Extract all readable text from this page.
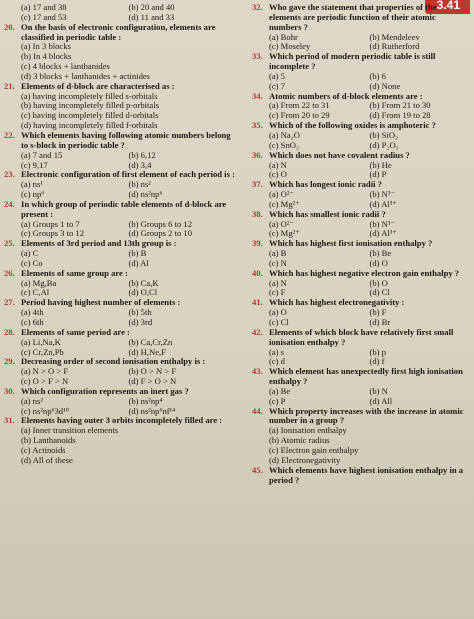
3.41
(a) 17 and 38	(b) 20 and 40
(c) 17 and 53	(d) 11 and 33
20. On the basis of electronic configuration, elements are classified in periodic table :
(a) In 3 blocks
(b) In 4 blocks
(c) 4 blocks + lanthanides
(d) 3 blocks + lanthanides + actinides
21. Elements of d-block are characterised as :
(a) having incompletely filled s-orbitals
(b) having incompletely filled p-orbitals
(c) having incompletely filled d-orbitals
(d) having incompletely filled f-orbitals
22. Which elements having following atomic numbers belong to s-block in periodic table ?
(a) 7 and 15	(b) 6,12
(c) 9,17	(d) 3,4
23. Electronic configuration of first element of each period is :
(a) ns¹	(b) ns²
(c) np⁶	(d) ns²np⁶
24. In which group of periodic table elements of d-block are present :
(a) Groups 1 to 7	(b) Groups 6 to 12
(c) Groups 3 to 12	(d) Groups 2 to 10
25. Elements of 3rd period and 13th group is :
(a) C	(b) B
(c) Co	(d) Al
26. Elements of same group are :
(a) Mg,Ba	(b) Ca,K
(c) C,Al	(d) O,Cl
27. Period having highest number of elements :
(a) 4th	(b) 5th
(c) 6th	(d) 3rd
28. Elements of same period are :
(a) Li,Na,K	(b) Ca,Cr,Zn
(c) Cr,Zn,Pb	(d) H,Ne,F
29. Decreasing order of second ionisation enthalpy is :
(a) N > O > F	(b) O > N > F
(c) O > F > N	(d) F > O > N
30. Which configuration represents an inert gas ?
(a) ns²	(b) ns²np⁴
(c) ns²np⁶3d¹⁰	(d) ns²np⁶nf¹⁴
31. Elements having outer 3 orbits incompletely filled are :
(a) Inner transition elements
(b) Lanthanoids
(c) Actinoids
(d) All of these
32. Who gave the statement that properties of the elements are periodic function of their atomic numbers ?
(a) Bohr	(b) Mendeleev
(c) Moseley	(d) Rutherford
33. Which period of modern periodic table is still incomplete ?
(a) 5	(b) 6
(c) 7	(d) None
34. Atomic numbers of d-block elements are :
(a) From 22 to 31	(b) From 21 to 30
(c) From 20 to 29	(d) From 19 to 28
35. Which of the following oxides is amphoteric ?
(a) Na₂O	(b) SiO₂
(c) SnO₂	(d) P₂O₅
36. Which does not have covalent radius ?
(a) N	(b) He
(c) O	(d) P
37. Which has longest ionic radii ?
(a) O²⁻	(b) N³⁻
(c) Mg²⁺	(d) Al³⁺
38. Which has smallest ionic radii ?
(a) O²⁻	(b) N³⁻
(c) Mg²⁺	(d) Al³⁺
39. Which has highest first ionisation enthalpy ?
(a) B	(b) Be
(c) N	(d) O
40. Which has highest negative electron gain enthalpy ?
(a) N	(b) O
(c) F	(d) Cl
41. Which has highest electronegativity :
(a) O	(b) F
(c) Cl	(d) Br
42. Elements of which block have relatively first small ionisation enthalpy ?
(a) s	(b) p
(c) d	(d) f
43. Which element has unexpectedly first high ionisation enthalpy ?
(a) Be	(b) N
(c) P	(d) All
44. Which property increases with the increase in atomic number in a group ?
(a) Ionisation enthalpy
(b) Atomic radius
(c) Electron gain enthalpy
(d) Electronegativity
45. Which elements have highest ionisation enthalpy in a period ?
